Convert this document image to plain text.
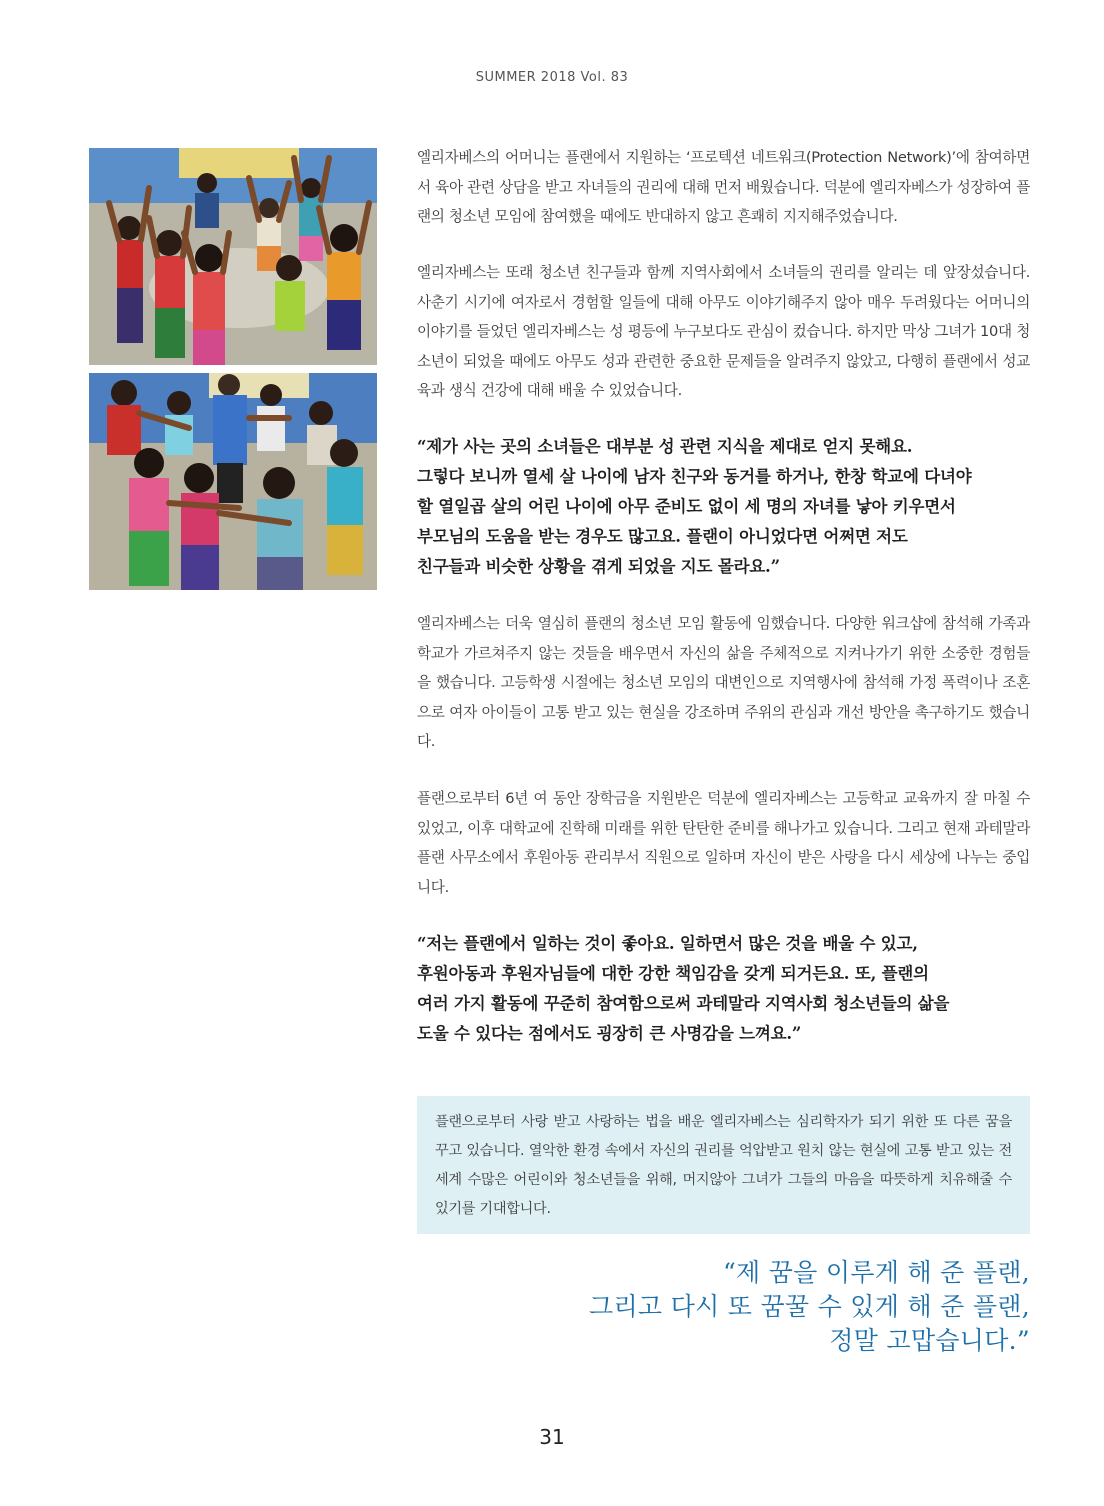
SUMMER 2018 Vol. 83

엘리자베스의 어머니는 플랜에서 지원하는 ‘프로텍션 네트워크(Protection Network)’에 참여하면서 육아 관련 상담을 받고 자녀들의 권리에 대해 먼저 배웠습니다. 덕분에 엘리자베스가 성장하여 플랜의 청소년 모임에 참여했을 때에도 반대하지 않고 흔쾌히 지지해주었습니다.

엘리자베스는 또래 청소년 친구들과 함께 지역사회에서 소녀들의 권리를 알리는 데 앞장섰습니다. 사춘기 시기에 여자로서 경험할 일들에 대해 아무도 이야기해주지 않아 매우 두려웠다는 어머니의 이야기를 들었던 엘리자베스는 성 평등에 누구보다도 관심이 컸습니다. 하지만 막상 그녀가 10대 청소년이 되었을 때에도 아무도 성과 관련한 중요한 문제들을 알려주지 않았고, 다행히 플랜에서 성교육과 생식 건강에 대해 배울 수 있었습니다.

“제가 사는 곳의 소녀들은 대부분 성 관련 지식을 제대로 얻지 못해요.
그렇다 보니까 열세 살 나이에 남자 친구와 동거를 하거나, 한창 학교에 다녀야
할 열일곱 살의 어린 나이에 아무 준비도 없이 세 명의 자녀를 낳아 키우면서
부모님의 도움을 받는 경우도 많고요. 플랜이 아니었다면 어쩌면 저도
친구들과 비슷한 상황을 겪게 되었을 지도 몰라요.”

엘리자베스는 더욱 열심히 플랜의 청소년 모임 활동에 임했습니다. 다양한 워크샵에 참석해 가족과 학교가 가르쳐주지 않는 것들을 배우면서 자신의 삶을 주체적으로 지켜나가기 위한 소중한 경험들을 했습니다. 고등학생 시절에는 청소년 모임의 대변인으로 지역행사에 참석해 가정 폭력이나 조혼으로 여자 아이들이 고통 받고 있는 현실을 강조하며 주위의 관심과 개선 방안을 촉구하기도 했습니다.

플랜으로부터 6년 여 동안 장학금을 지원받은 덕분에 엘리자베스는 고등학교 교육까지 잘 마칠 수 있었고, 이후 대학교에 진학해 미래를 위한 탄탄한 준비를 해나가고 있습니다. 그리고 현재 과테말라 플랜 사무소에서 후원아동 관리부서 직원으로 일하며 자신이 받은 사랑을 다시 세상에 나누는 중입니다.

“저는 플랜에서 일하는 것이 좋아요. 일하면서 많은 것을 배울 수 있고,
후원아동과 후원자님들에 대한 강한 책임감을 갖게 되거든요. 또, 플랜의
여러 가지 활동에 꾸준히 참여함으로써 과테말라 지역사회 청소년들의 삶을
도울 수 있다는 점에서도 굉장히 큰 사명감을 느껴요.”

플랜으로부터 사랑 받고 사랑하는 법을 배운 엘리자베스는 심리학자가 되기 위한 또 다른 꿈을 꾸고 있습니다. 열악한 환경 속에서 자신의 권리를 억압받고 원치 않는 현실에 고통 받고 있는 전 세계 수많은 어린이와 청소년들을 위해, 머지않아 그녀가 그들의 마음을 따뜻하게 치유해줄 수 있기를 기대합니다.

“제 꿈을 이루게 해 준 플랜,
그리고 다시 또 꿈꿀 수 있게 해 준 플랜,
정말 고맙습니다.”
31
